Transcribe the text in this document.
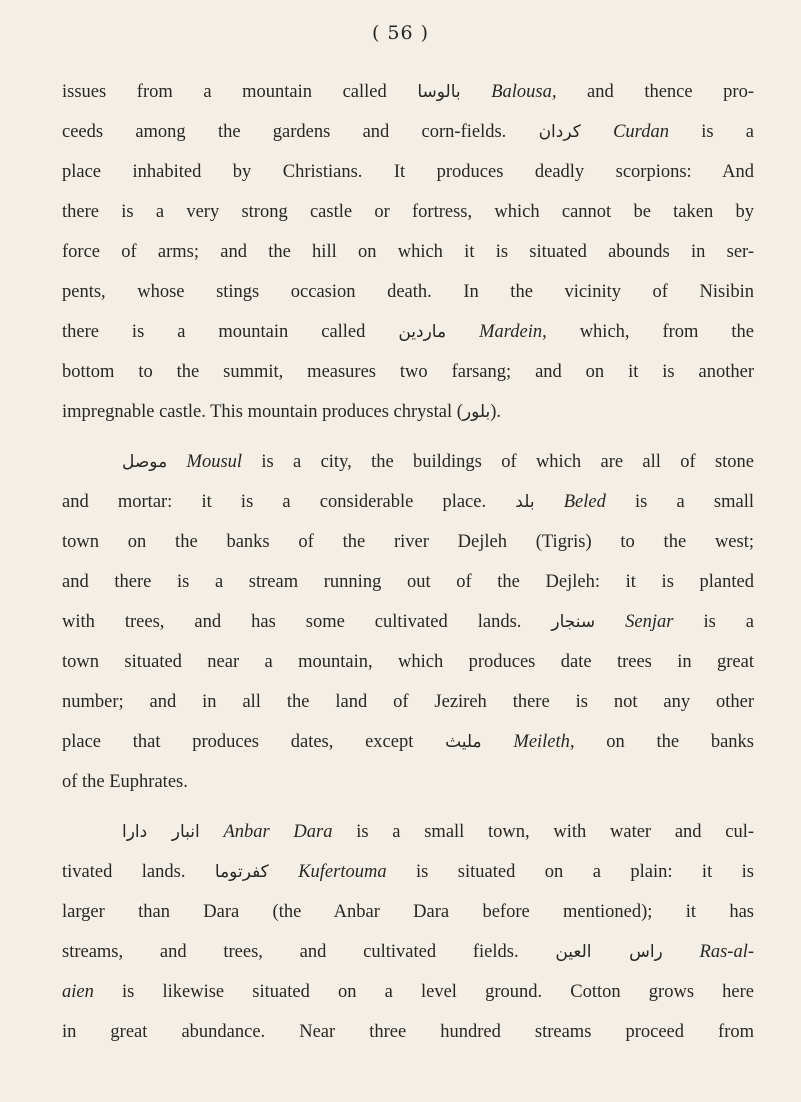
( 56 )
issues from a mountain called بالوسا Balousa, and thence pro-
ceeds among the gardens and corn-fields. كردان Curdan is a
place inhabited by Christians. It produces deadly scorpions: And
there is a very strong castle or fortress, which cannot be taken by
force of arms; and the hill on which it is situated abounds in ser-
pents, whose stings occasion death. In the vicinity of Nisibin
there is a mountain called ماردين Mardein, which, from the
bottom to the summit, measures two farsang; and on it is another
impregnable castle. This mountain produces chrystal (بلور).
موصل Mousul is a city, the buildings of which are all of stone
and mortar: it is a considerable place. بلد Beled is a small
town on the banks of the river Dejleh (Tigris) to the west;
and there is a stream running out of the Dejleh: it is planted
with trees, and has some cultivated lands. سنجار Senjar is a
town situated near a mountain, which produces date trees in great
number; and in all the land of Jezireh there is not any other
place that produces dates, except مليث Meileth, on the banks
of the Euphrates.
انبار دارا Anbar Dara is a small town, with water and cul-
tivated lands. كفرتوما Kufertouma is situated on a plain: it is
larger than Dara (the Anbar Dara before mentioned); it has
streams, and trees, and cultivated fields. راس العين Ras-al-
aien is likewise situated on a level ground. Cotton grows here
in great abundance. Near three hundred streams proceed from
